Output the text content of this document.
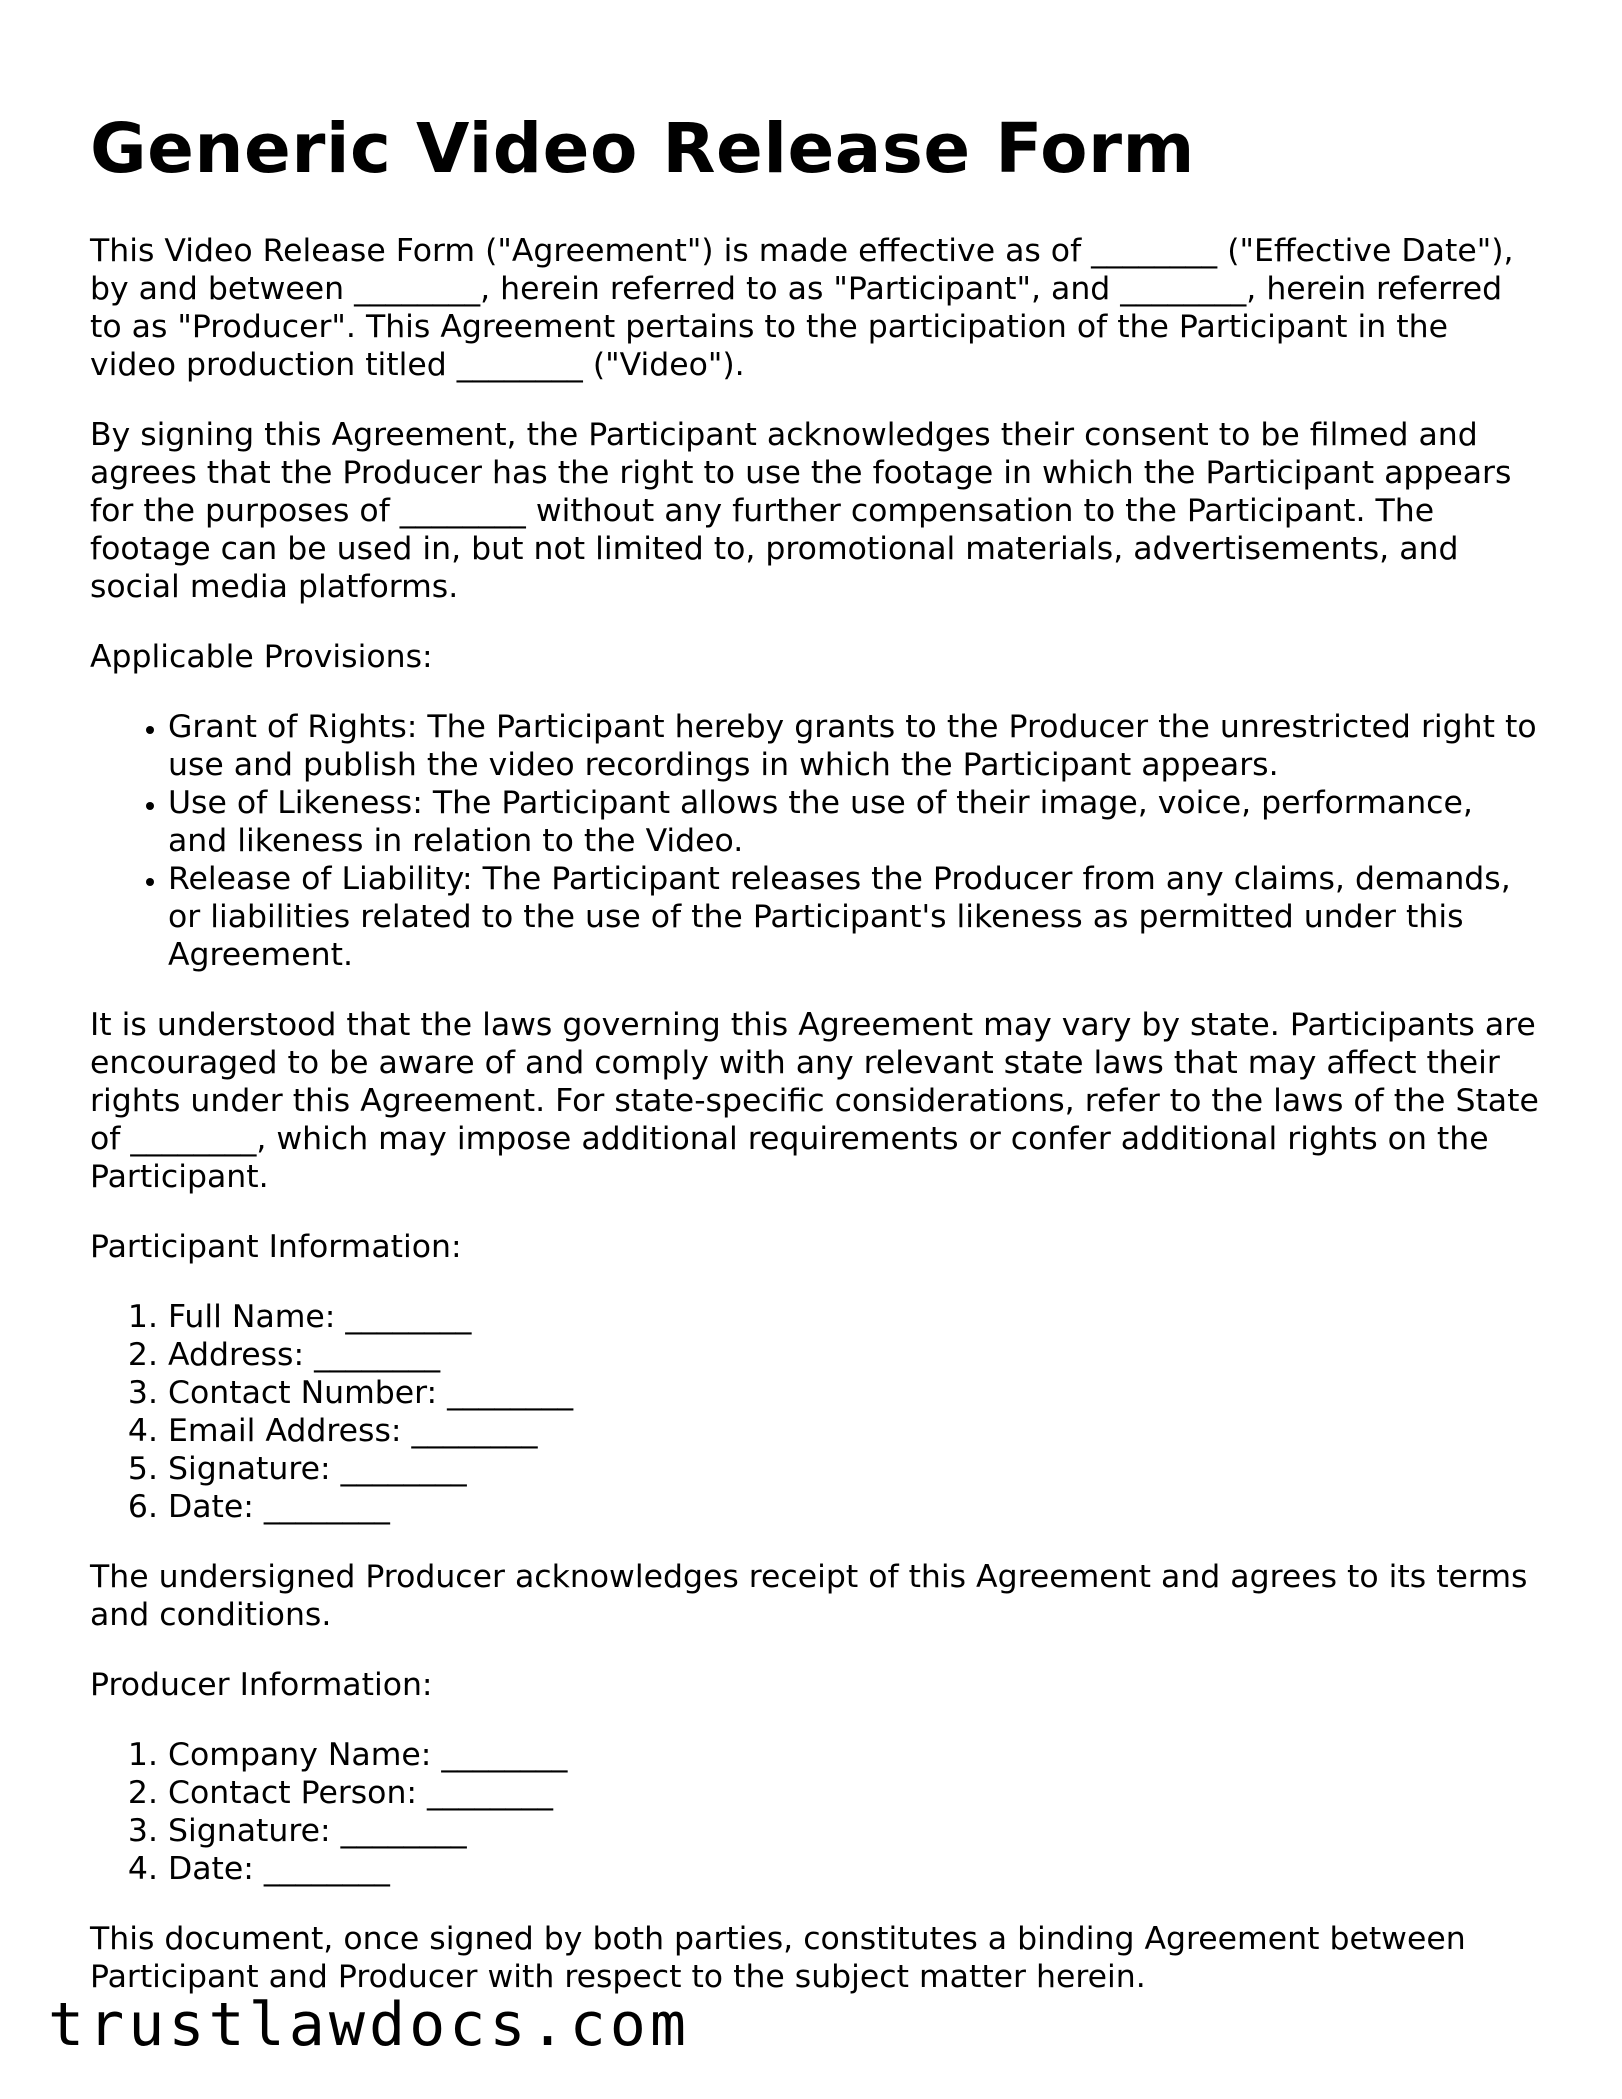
Generic Video Release Form

This Video Release Form ("Agreement") is made effective as of ________ ("Effective Date"), by and between ________, herein referred to as "Participant", and ________, herein referred to as "Producer". This Agreement pertains to the participation of the Participant in the video production titled ________ ("Video").

By signing this Agreement, the Participant acknowledges their consent to be filmed and agrees that the Producer has the right to use the footage in which the Participant appears for the purposes of ________ without any further compensation to the Participant. The footage can be used in, but not limited to, promotional materials, advertisements, and social media platforms.

Applicable Provisions:

• Grant of Rights: The Participant hereby grants to the Producer the unrestricted right to use and publish the video recordings in which the Participant appears.
• Use of Likeness: The Participant allows the use of their image, voice, performance, and likeness in relation to the Video.
• Release of Liability: The Participant releases the Producer from any claims, demands, or liabilities related to the use of the Participant's likeness as permitted under this Agreement.

It is understood that the laws governing this Agreement may vary by state. Participants are encouraged to be aware of and comply with any relevant state laws that may affect their rights under this Agreement. For state-specific considerations, refer to the laws of the State of ________, which may impose additional requirements or confer additional rights on the Participant.

Participant Information:

1. Full Name: ________
2. Address: ________
3. Contact Number: ________
4. Email Address: ________
5. Signature: ________
6. Date: ________

The undersigned Producer acknowledges receipt of this Agreement and agrees to its terms and conditions.

Producer Information:

1. Company Name: ________
2. Contact Person: ________
3. Signature: ________
4. Date: ________

This document, once signed by both parties, constitutes a binding Agreement between Participant and Producer with respect to the subject matter herein.

trustlawdocs.com
